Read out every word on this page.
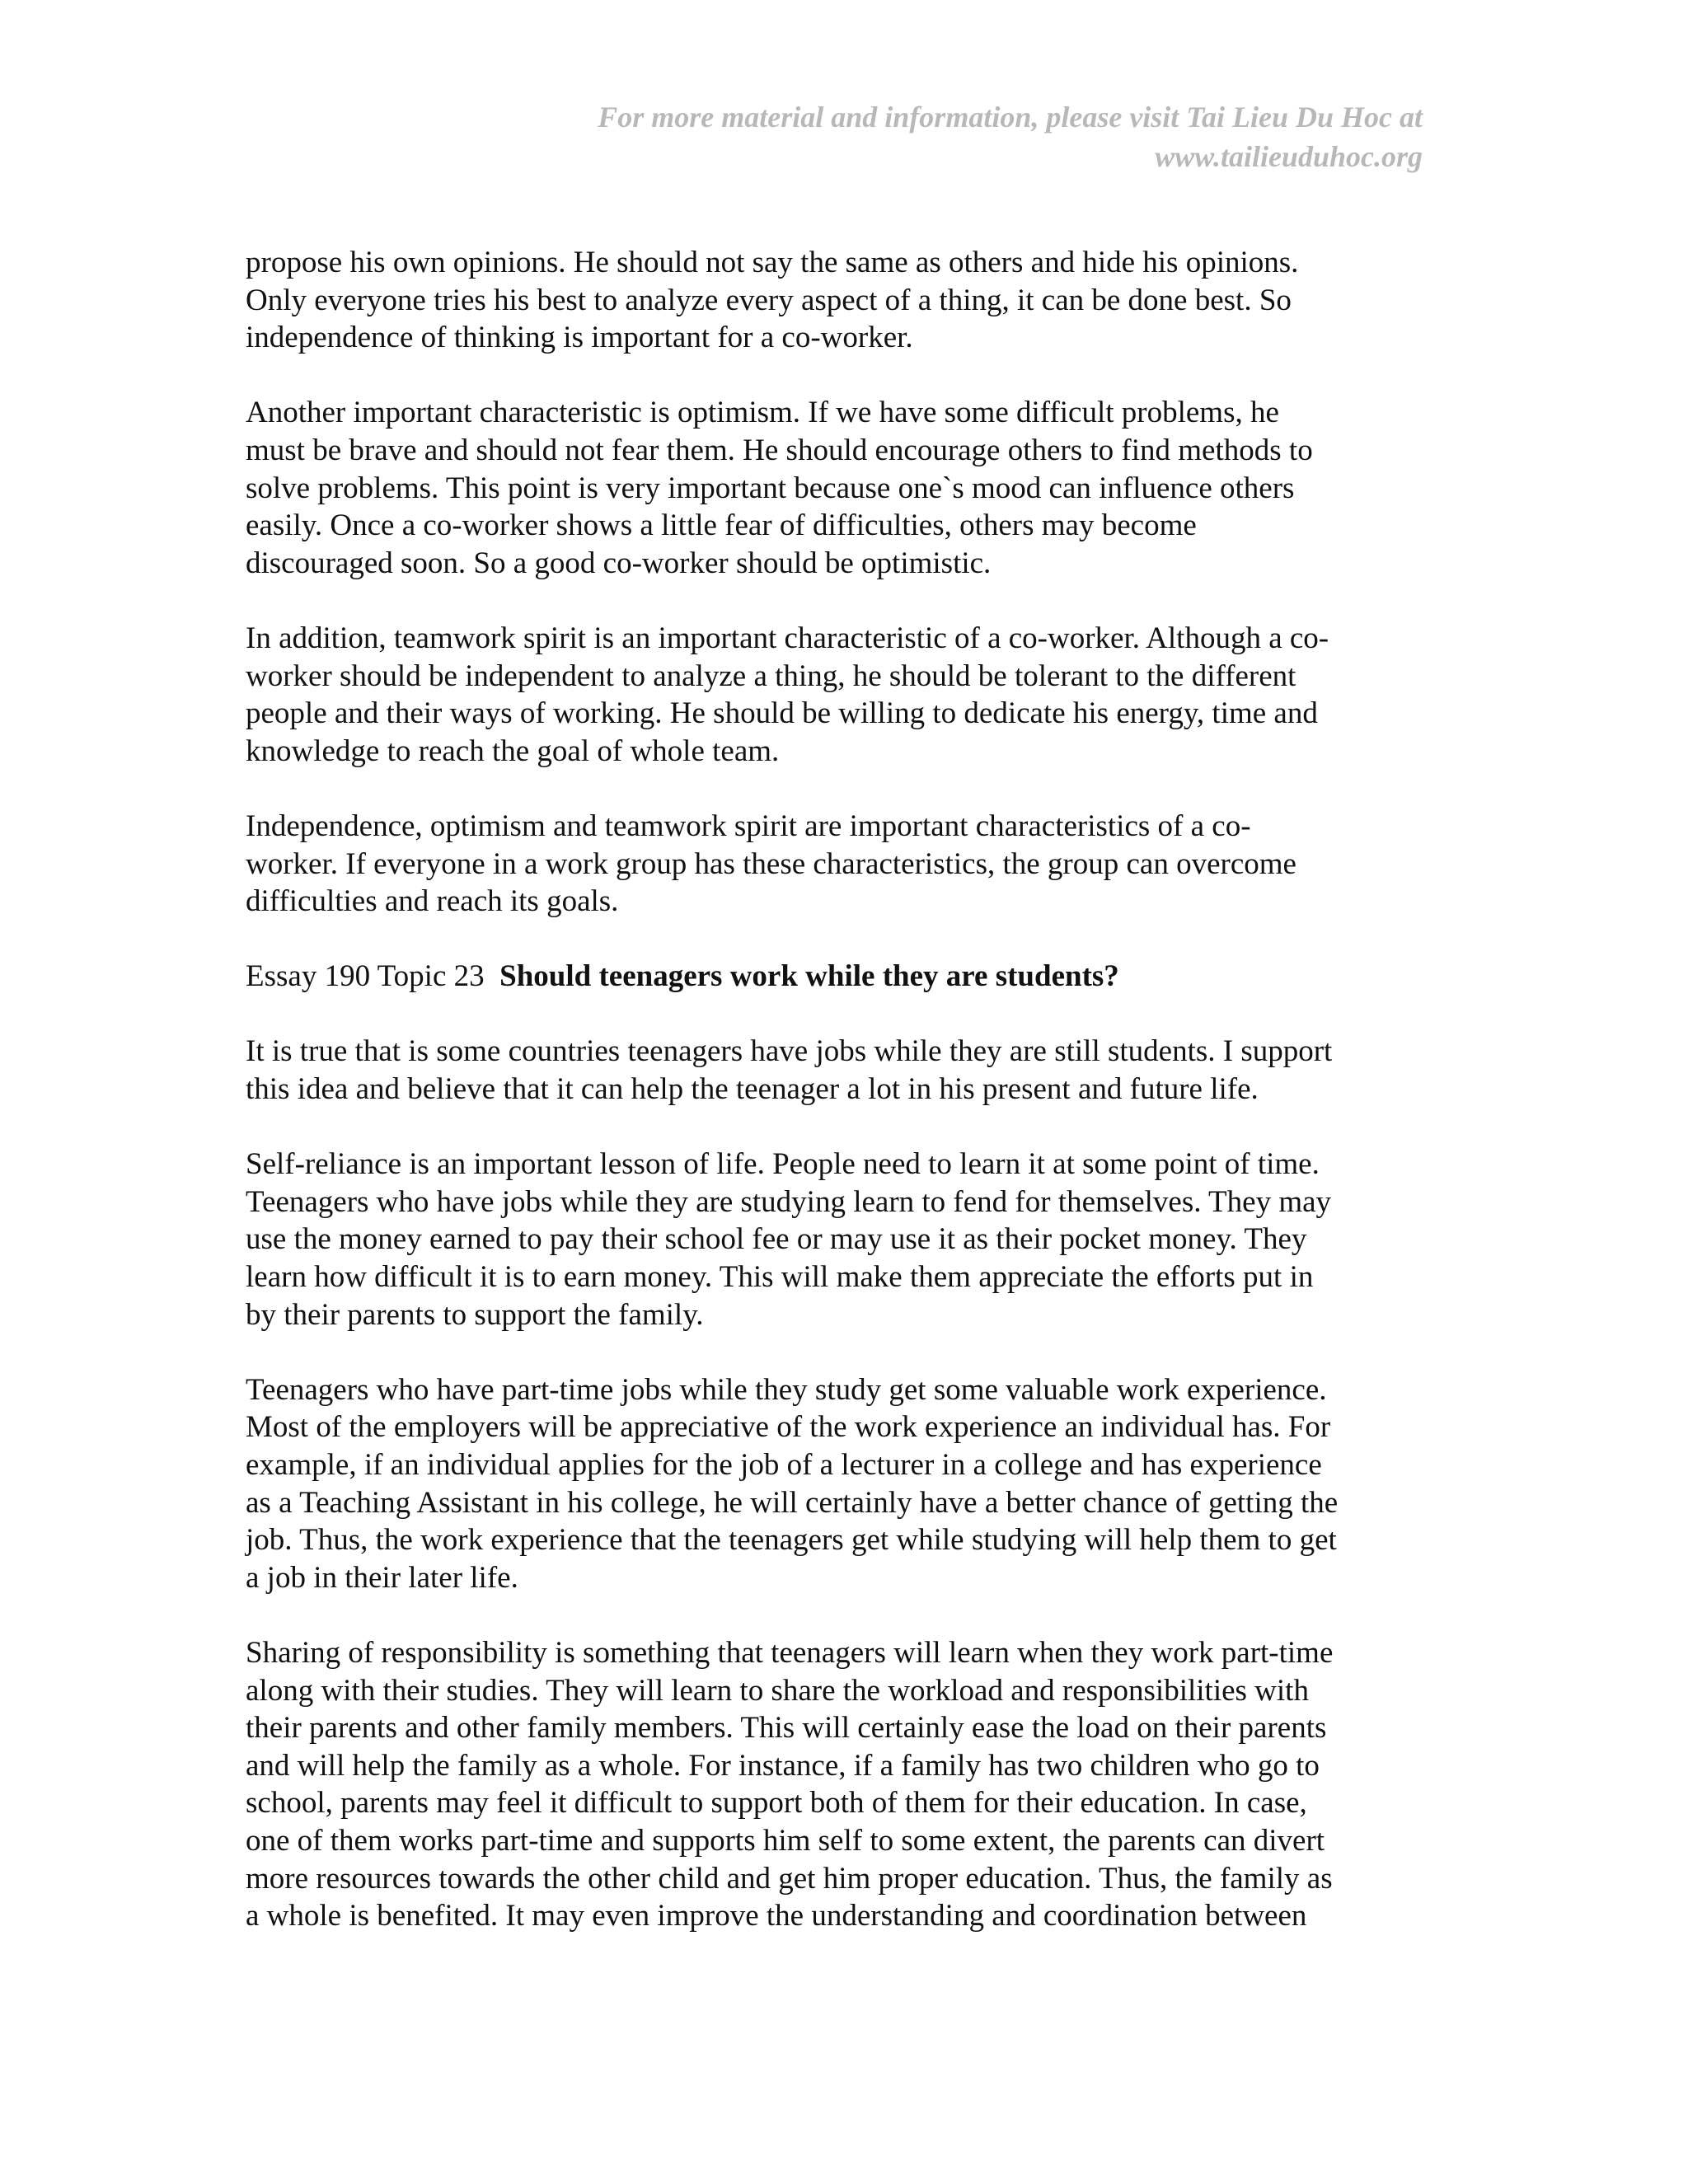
For more material and information, please visit Tai Lieu Du Hoc at
www.tailieuduhoc.org

propose his own opinions. He should not say the same as others and hide his opinions.
Only everyone tries his best to analyze every aspect of a thing, it can be done best. So
independence of thinking is important for a co-worker.

Another important characteristic is optimism. If we have some difficult problems, he
must be brave and should not fear them. He should encourage others to find methods to
solve problems. This point is very important because one`s mood can influence others
easily. Once a co-worker shows a little fear of difficulties, others may become
discouraged soon. So a good co-worker should be optimistic.

In addition, teamwork spirit is an important characteristic of a co-worker. Although a co-
worker should be independent to analyze a thing, he should be tolerant to the different
people and their ways of working. He should be willing to dedicate his energy, time and
knowledge to reach the goal of whole team.

Independence, optimism and teamwork spirit are important characteristics of a co-
worker. If everyone in a work group has these characteristics, the group can overcome
difficulties and reach its goals.

Essay 190 Topic 23  Should teenagers work while they are students?

It is true that is some countries teenagers have jobs while they are still students. I support
this idea and believe that it can help the teenager a lot in his present and future life.

Self-reliance is an important lesson of life. People need to learn it at some point of time.
Teenagers who have jobs while they are studying learn to fend for themselves. They may
use the money earned to pay their school fee or may use it as their pocket money. They
learn how difficult it is to earn money. This will make them appreciate the efforts put in
by their parents to support the family.

Teenagers who have part-time jobs while they study get some valuable work experience.
Most of the employers will be appreciative of the work experience an individual has. For
example, if an individual applies for the job of a lecturer in a college and has experience
as a Teaching Assistant in his college, he will certainly have a better chance of getting the
job. Thus, the work experience that the teenagers get while studying will help them to get
a job in their later life.

Sharing of responsibility is something that teenagers will learn when they work part-time
along with their studies. They will learn to share the workload and responsibilities with
their parents and other family members. This will certainly ease the load on their parents
and will help the family as a whole. For instance, if a family has two children who go to
school, parents may feel it difficult to support both of them for their education. In case,
one of them works part-time and supports him self to some extent, the parents can divert
more resources towards the other child and get him proper education. Thus, the family as
a whole is benefited. It may even improve the understanding and coordination between
